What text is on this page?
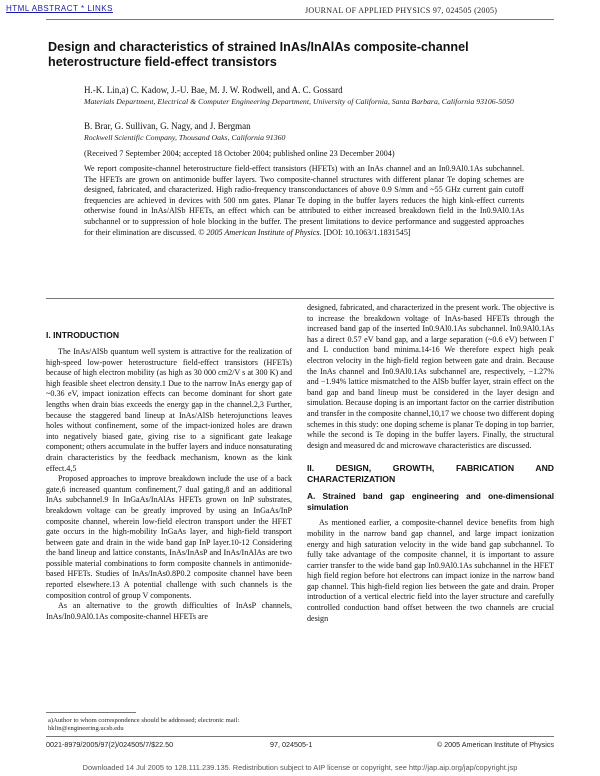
HTML ABSTRACT * LINKS	JOURNAL OF APPLIED PHYSICS 97, 024505 (2005)
Design and characteristics of strained InAs/InAlAs composite-channel heterostructure field-effect transistors
H.-K. Lin,a) C. Kadow, J.-U. Bae, M. J. W. Rodwell, and A. C. Gossard
Materials Department, Electrical & Computer Engineering Department, University of California, Santa Barbara, California 93106-5050
B. Brar, G. Sullivan, G. Nagy, and J. Bergman
Rockwell Scientific Company, Thousand Oaks, California 91360
(Received 7 September 2004; accepted 18 October 2004; published online 23 December 2004)
We report composite-channel heterostructure field-effect transistors (HFETs) with an InAs channel and an In0.9Al0.1As subchannel. The HFETs are grown on antimonide buffer layers. Two composite-channel structures with different planar Te doping schemes are designed, fabricated, and characterized. High radio-frequency transconductances of above 0.9 S/mm and ~55 GHz current gain cutoff frequencies are achieved in devices with 500 nm gates. Planar Te doping in the buffer layers reduces the high kink-effect currents otherwise found in InAs/AlSb HFETs, an effect which can be attributed to either increased breakdown field in the In0.9Al0.1As subchannel or to suppression of hole blocking in the buffer. The present limitations to device performance and suggested approaches for their elimination are discussed. © 2005 American Institute of Physics. [DOI: 10.1063/1.1831545]
I. INTRODUCTION

The InAs/AlSb quantum well system is attractive for the realization of high-speed low-power heterostructure field-effect transistors (HFETs) because of high electron mobility (as high as 30 000 cm2/V s at 300 K) and high feasible sheet electron density.1 Due to the narrow InAs energy gap of ~0.36 eV, impact ionization effects can become dominant for short gate lengths when drain bias exceeds the energy gap in the channel.2,3 Further, because the staggered band lineup at InAs/AlSb heterojunctions leaves holes without confinement, some of the impact-ionized holes are drawn into negatively biased gate, giving rise to a significant gate leakage component; others accumulate in the buffer layers and induce nonsaturating drain characteristics by the feedback mechanism, known as the kink effect.4,5

Proposed approaches to improve breakdown include the use of a back gate,6 increased quantum confinement,7 dual gating,8 and an additional InAs subchannel.9 In InGaAs/InAlAs HFETs grown on InP substrates, breakdown voltage can be greatly improved by using an InGaAs/InP composite channel, wherein low-field electron transport under the HFET gate occurs in the high-mobility InGaAs layer, and high-field transport between gate and drain in the wide band gap InP layer.10-12 Considering the band lineup and lattice constants, InAs/InAsP and InAs/InAlAs are two possible material combinations to form composite channels in antimonide-based HFETs. Studies of InAs/InAs0.8P0.2 composite channel have been reported elsewhere.13 A potential challenge with such channels is the composition control of group V components.

As an alternative to the growth difficulties of InAsP channels, InAs/In0.9Al0.1As composite-channel HFETs are

designed, fabricated, and characterized in the present work. The objective is to increase the breakdown voltage of InAs-based HFETs through the increased band gap of the inserted In0.9Al0.1As subchannel. In0.9Al0.1As has a direct 0.57 eV band gap, and a large separation (~0.6 eV) between Γ and L conduction band minima.14-16 We therefore expect high peak electron velocity in the high-field region between gate and drain. Because the InAs channel and In0.9Al0.1As subchannel are, respectively, −1.27% and −1.94% lattice mismatched to the AlSb buffer layer, strain effect on the band gap and band lineup must be considered in the layer design and simulation. Because doping is an important factor on the carrier distribution and transfer in the composite channel,10,17 we choose two different doping schemes in this study: one doping scheme is planar Te doping in top barrier, while the second is Te doping in the buffer layers. Finally, the structural design and measured dc and microwave characteristics are discussed.

II. DESIGN, GROWTH, FABRICATION AND CHARACTERIZATION
A. Strained band gap engineering and one-dimensional simulation

As mentioned earlier, a composite-channel device benefits from high mobility in the narrow band gap channel, and large impact ionization energy and high saturation velocity in the wide band gap subchannel. To fully take advantage of the composite channel, it is important to assure carrier transfer to the wide band gap In0.9Al0.1As subchannel in the HFET high field region before hot electrons can impact ionize in the narrow band gap channel. This high-field region lies between the gate and drain. Proper introduction of a vertical electric field into the layer structure and carefully controlled conduction band offset between the two channels are crucial design

a)Author to whom correspondence should be addressed; electronic mail: hklin@engineering.ucsb.edu
0021-8979/2005/97(2)/024505/7/$22.50	97, 024505-1	© 2005 American Institute of Physics
Downloaded 14 Jul 2005 to 128.111.239.135. Redistribution subject to AIP license or copyright, see http://jap.aip.org/jap/copyright.jsp
